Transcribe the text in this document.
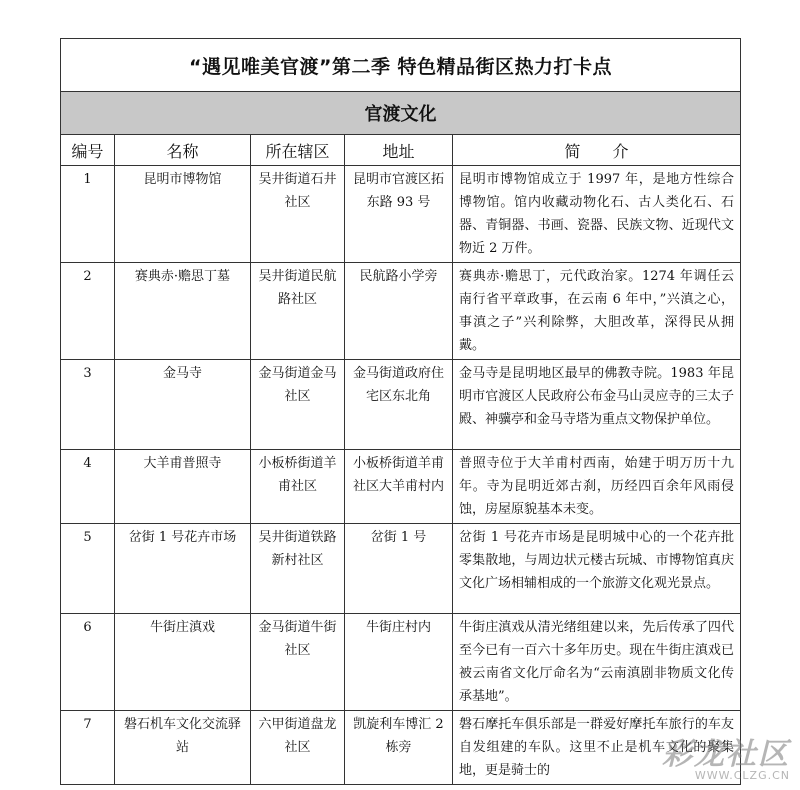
“遇见唯美官渡”第二季 特色精品街区热力打卡点				
官渡文化				
编号	名称	所在辖区	地址	简　　介
1	昆明市博物馆	吴井街道石井社区	昆明市官渡区拓东路 93 号	昆明市博物馆成立于 1997 年，是地方性综合博物馆。馆内收藏动物化石、古人类化石、石器、青铜器、书画、瓷器、民族文物、近现代文物近 2 万件。
2	赛典赤·赡思丁墓	吴井街道民航路社区	民航路小学旁	赛典赤·赡思丁，元代政治家。1274 年调任云南行省平章政事，在云南 6 年中，”兴滇之心，事滇之子”兴利除弊，大胆改革，深得民从拥戴。
3	金马寺	金马街道金马社区	金马街道政府住宅区东北角	金马寺是昆明地区最早的佛教寺院。1983 年昆明市官渡区人民政府公布金马山灵应寺的三太子殿、神骥亭和金马寺塔为重点文物保护单位。
4	大羊甫普照寺	小板桥街道羊甫社区	小板桥街道羊甫社区大羊甫村内	普照寺位于大羊甫村西南，始建于明万历十九年。寺为昆明近郊古刹，历经四百余年风雨侵蚀，房屋原貌基本未变。
5	岔街 1 号花卉市场	吴井街道铁路新村社区	岔街 1 号	岔街 1 号花卉市场是昆明城中心的一个花卉批零集散地，与周边状元楼古玩城、市博物馆真庆文化广场相辅相成的一个旅游文化观光景点。
6	牛街庄滇戏	金马街道牛街社区	牛街庄村内	牛街庄滇戏从清光绪组建以来，先后传承了四代至今已有一百六十多年历史。现在牛街庄滇戏已被云南省文化厅命名为“云南滇剧非物质文化传承基地”。
7	磐石机车文化交流驿站	六甲街道盘龙社区	凯旋利车博汇 2 栋旁	磐石摩托车俱乐部是一群爱好摩托车旅行的车友自发组建的车队。这里不止是机车文化的聚集地，更是骑士的	彩龙社区
WWW.CLZG.CN
